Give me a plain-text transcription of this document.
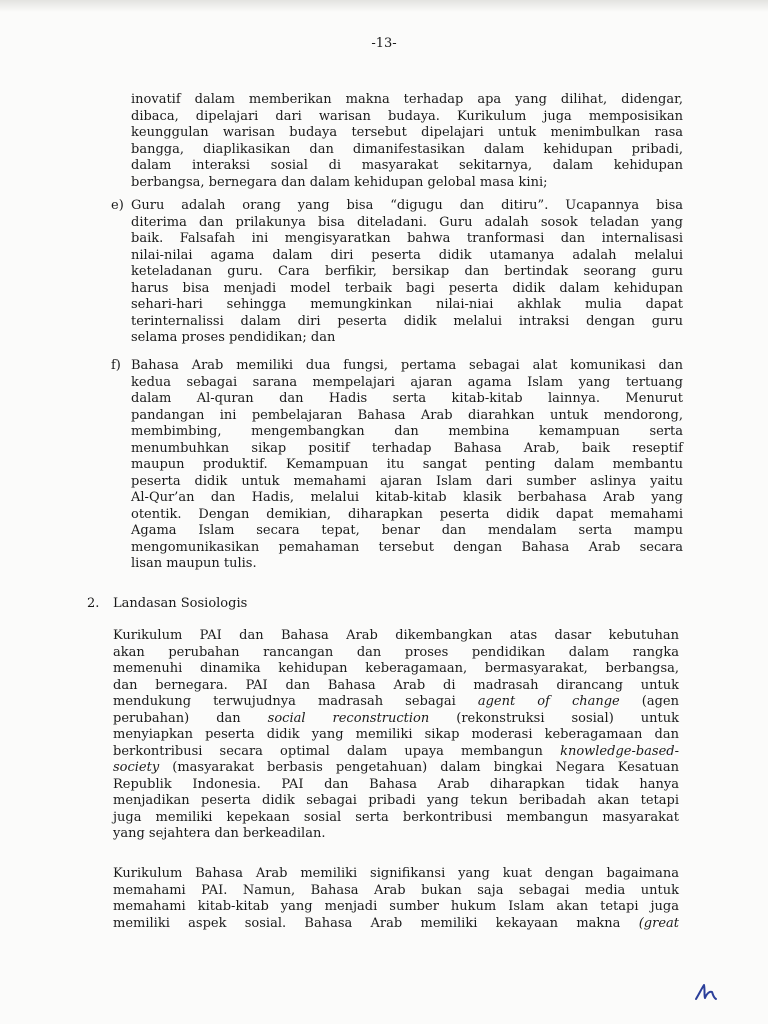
-13-
inovatif dalam memberikan makna terhadap apa yang dilihat, didengar,
dibaca, dipelajari dari warisan budaya. Kurikulum juga memposisikan
keunggulan warisan budaya tersebut dipelajari untuk menimbulkan rasa
bangga, diaplikasikan dan dimanifestasikan dalam kehidupan pribadi,
dalam interaksi sosial di masyarakat sekitarnya, dalam kehidupan
berbangsa, bernegara dan dalam kehidupan gelobal masa kini;
e) Guru adalah orang yang bisa “digugu dan ditiru”. Ucapannya bisa
diterima dan prilakunya bisa diteladani. Guru adalah sosok teladan yang
baik. Falsafah ini mengisyaratkan bahwa tranformasi dan internalisasi
nilai-nilai agama dalam diri peserta didik utamanya adalah melalui
keteladanan guru. Cara berfikir, bersikap dan bertindak seorang guru
harus bisa menjadi model terbaik bagi peserta didik dalam kehidupan
sehari-hari sehingga memungkinkan nilai-niai akhlak mulia dapat
terinternalissi dalam diri peserta didik melalui intraksi dengan guru
selama proses pendidikan; dan
f) Bahasa Arab memiliki dua fungsi, pertama sebagai alat komunikasi dan
kedua sebagai sarana mempelajari ajaran agama Islam yang tertuang
dalam Al-quran dan Hadis serta kitab-kitab lainnya. Menurut
pandangan ini pembelajaran Bahasa Arab diarahkan untuk mendorong,
membimbing, mengembangkan dan membina kemampuan serta
menumbuhkan sikap positif terhadap Bahasa Arab, baik reseptif
maupun produktif. Kemampuan itu sangat penting dalam membantu
peserta didik untuk memahami ajaran Islam dari sumber aslinya yaitu
Al-Qur’an dan Hadis, melalui kitab-kitab klasik berbahasa Arab yang
otentik. Dengan demikian, diharapkan peserta didik dapat memahami
Agama Islam secara tepat, benar dan mendalam serta mampu
mengomunikasikan pemahaman tersebut dengan Bahasa Arab secara
lisan maupun tulis.
2. Landasan Sosiologis
Kurikulum PAI dan Bahasa Arab dikembangkan atas dasar kebutuhan
akan perubahan rancangan dan proses pendidikan dalam rangka
memenuhi dinamika kehidupan keberagamaan, bermasyarakat, berbangsa,
dan bernegara. PAI dan Bahasa Arab di madrasah dirancang untuk
mendukung terwujudnya madrasah sebagai agent of change (agen
perubahan) dan social reconstruction (rekonstruksi sosial) untuk
menyiapkan peserta didik yang memiliki sikap moderasi keberagamaan dan
berkontribusi secara optimal dalam upaya membangun knowledge-based-
society (masyarakat berbasis pengetahuan) dalam bingkai Negara Kesatuan
Republik Indonesia. PAI dan Bahasa Arab diharapkan tidak hanya
menjadikan peserta didik sebagai pribadi yang tekun beribadah akan tetapi
juga memiliki kepekaan sosial serta berkontribusi membangun masyarakat
yang sejahtera dan berkeadilan.
Kurikulum Bahasa Arab memiliki signifikansi yang kuat dengan bagaimana
memahami PAI. Namun, Bahasa Arab bukan saja sebagai media untuk
memahami kitab-kitab yang menjadi sumber hukum Islam akan tetapi juga
memiliki aspek sosial. Bahasa Arab memiliki kekayaan makna (great
